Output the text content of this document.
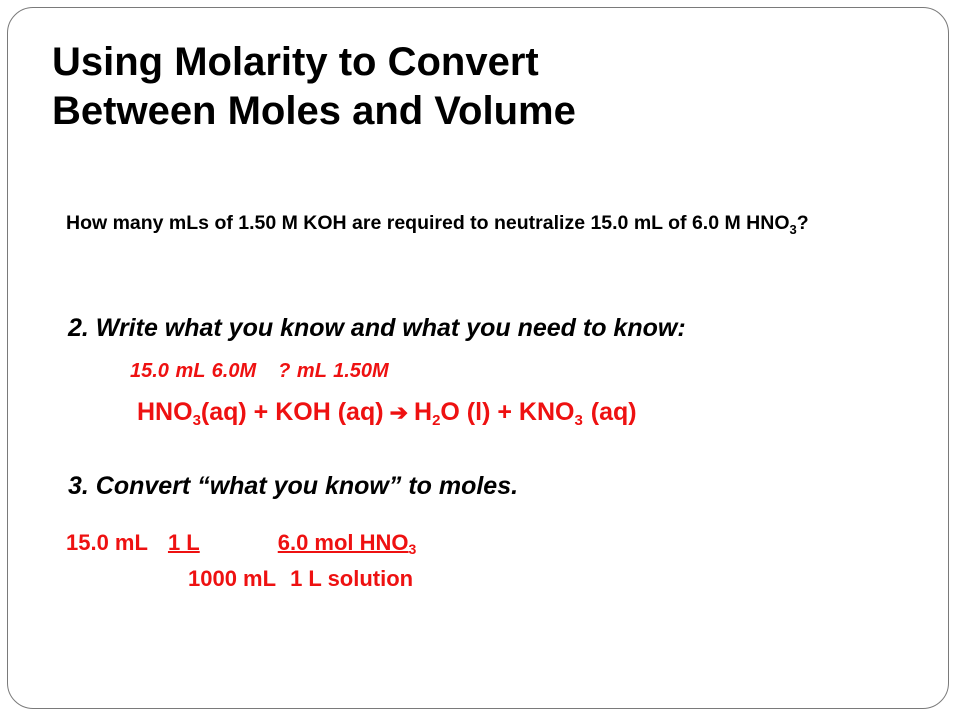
Using Molarity to Convert
Between Moles and Volume

How many mLs of 1.50 M KOH are required to neutralize 15.0 mL of 6.0 M $HNO_3$?

2. Write what you know and what you need to know:

15.0 mL 6.0M ? mL 1.50M
$HNO_3(aq)$ + KOH (aq) ➔ $H_2O$ $(l) + KNO_3$ (aq)

3. Convert “what you know” to moles.

15.0 mL 1 L	6.0 mol $HNO_3$
1000 mL 1 L solution
